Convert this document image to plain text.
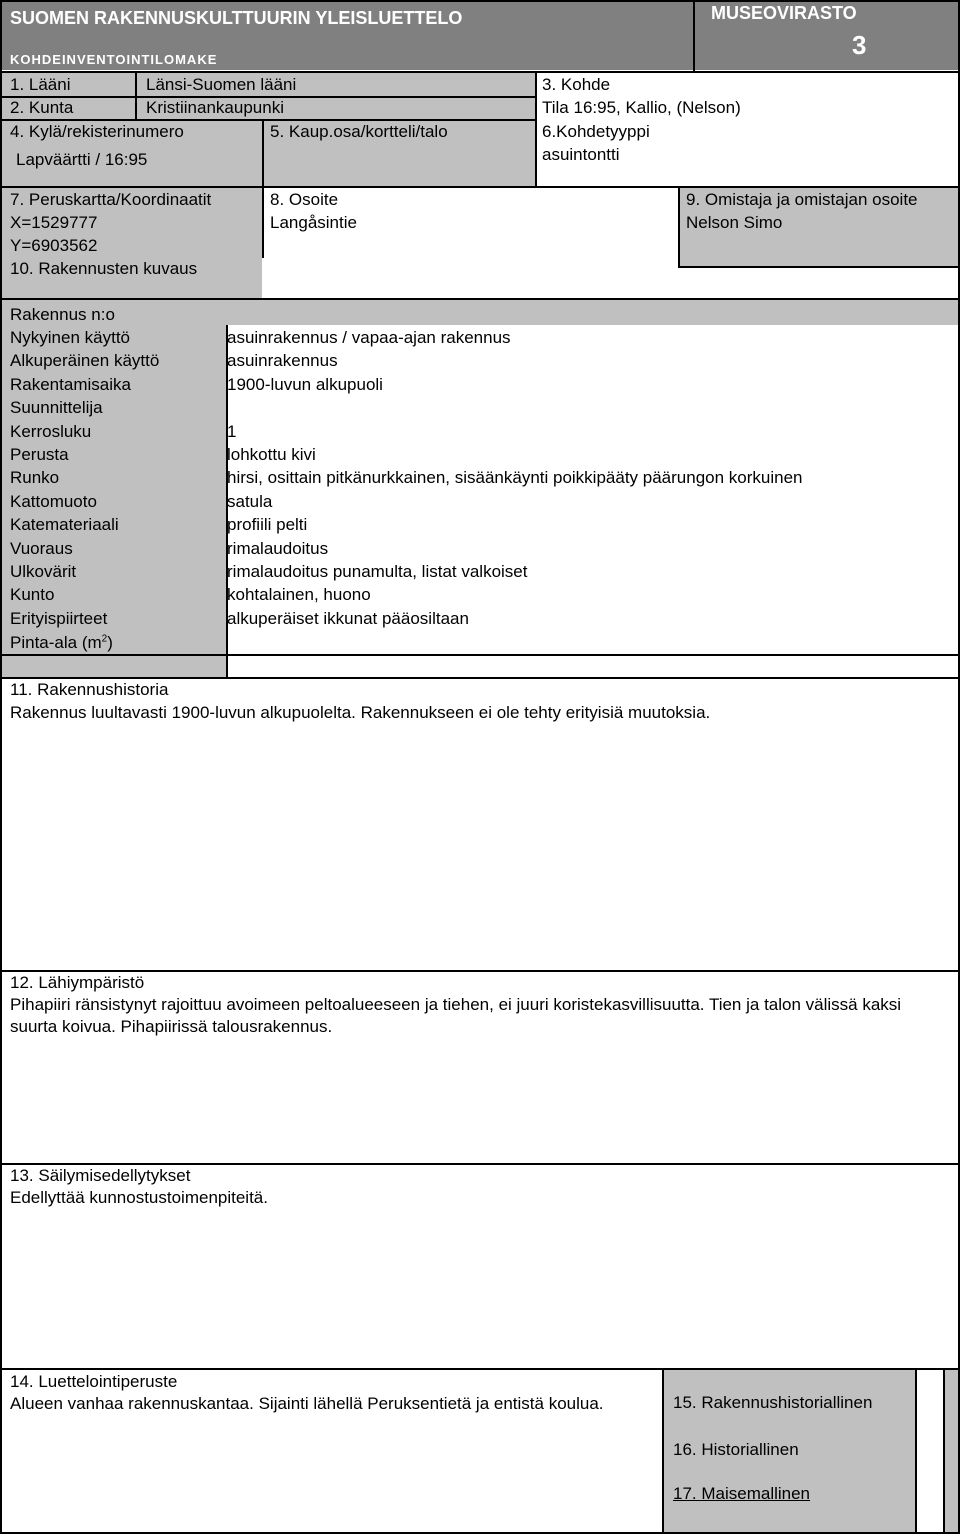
SUOMEN RAKENNUSKULTTUURIN YLEISLUETTELO
KOHDEINVENTOINTILOMAKE
MUSEOVIRASTO
3
1. Lääni	Länsi-Suomen lääni
2. Kunta	Kristiinankaupunki
3. Kohde
Tila 16:95, Kallio, (Nelson)
4. Kylä/rekisterinumero
Lapväärtti / 16:95
5. Kaup.osa/kortteli/talo	6.Kohdetyyppi
asuintontti
7. Peruskartta/Koordinaatit
X=1529777
Y=6903562
8. Osoite
Langåsintie
9. Omistaja ja omistajan osoite
Nelson Simo
10. Rakennusten kuvaus
Rakennus n:o
Nykyinen käyttö	asuinrakennus / vapaa-ajan rakennus
Alkuperäinen käyttö	asuinrakennus
Rakentamisaika	1900-luvun alkupuoli
Suunnittelija
Kerrosluku	1
Perusta	lohkottu kivi
Runko	hirsi, osittain pitkänurkkainen, sisäänkäynti poikkipääty päärungon korkuinen
Kattomuoto	satula
Katemateriaali	profiili pelti
Vuoraus	rimalaudoitus
Ulkovärit	rimalaudoitus punamulta, listat valkoiset
Kunto	kohtalainen, huono
Erityispiirteet	alkuperäiset ikkunat pääosiltaan
Pinta-ala $(m^2)$
11. Rakennushistoria
Rakennus luultavasti 1900-luvun alkupuolelta. Rakennukseen ei ole tehty erityisiä muutoksia.
12. Lähiympäristö
Pihapiiri ränsistynyt rajoittuu avoimeen peltoalueeseen ja tiehen, ei juuri koristekasvillisuutta. Tien ja talon välissä kaksi suurta koivua. Pihapiirissä talousrakennus.
13. Säilymisedellytykset
Edellyttää kunnostustoimenpiteitä.
14. Luettelointiperuste
Alueen vanhaa rakennuskantaa. Sijainti lähellä Peruksentietä ja entistä koulua.	15. Rakennushistoriallinen
16. Historiallinen
17. Maisemallinen
